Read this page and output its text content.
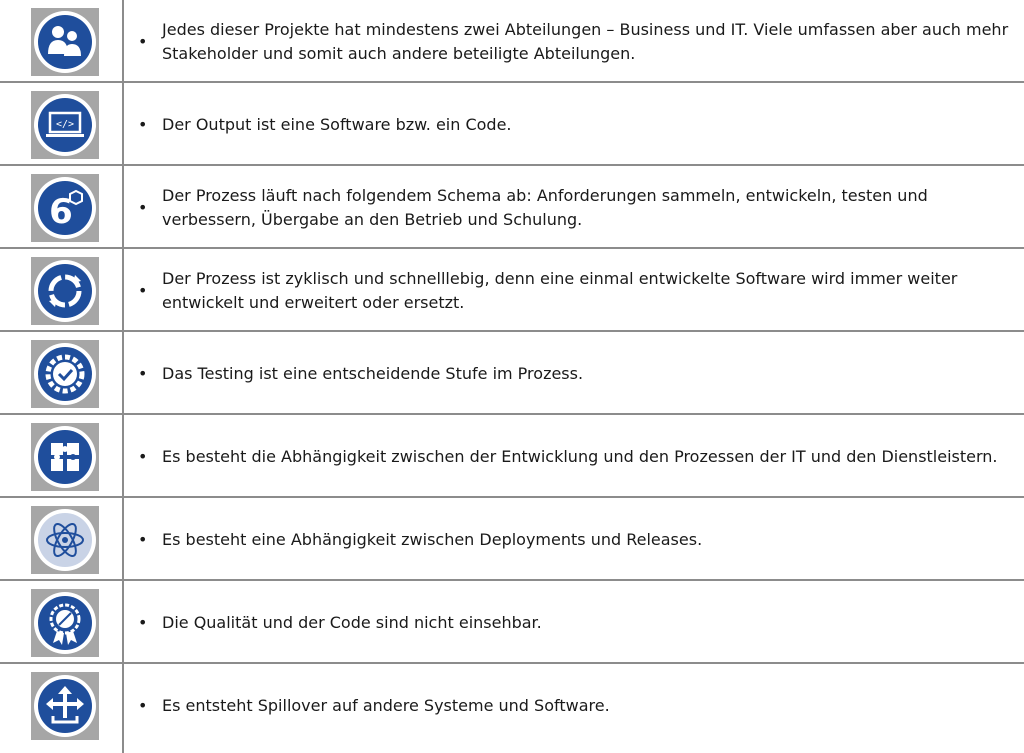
•
Jedes dieser Projekte hat mindestens zwei Abteilungen – Business und IT. Viele umfassen aber auch mehr Stakeholder und somit auch andere beteiligte Abteilungen.
</>	• Der Output ist eine Software bzw. ein Code.
6	•
Der Prozess läuft nach folgendem Schema ab: Anforderungen sammeln, entwickeln, testen und verbessern, Übergabe an den Betrieb und Schulung.
•
Der Prozess ist zyklisch und schnelllebig, denn eine einmal entwickelte Software wird immer weiter entwickelt und erweitert oder ersetzt.
• Das Testing ist eine entscheidende Stufe im Prozess.
• Es besteht die Abhängigkeit zwischen der Entwicklung und den Prozessen der IT und den Dienstleistern.
• Es besteht eine Abhängigkeit zwischen Deployments und Releases.
• Die Qualität und der Code sind nicht einsehbar.
• Es entsteht Spillover auf andere Systeme und Software.
